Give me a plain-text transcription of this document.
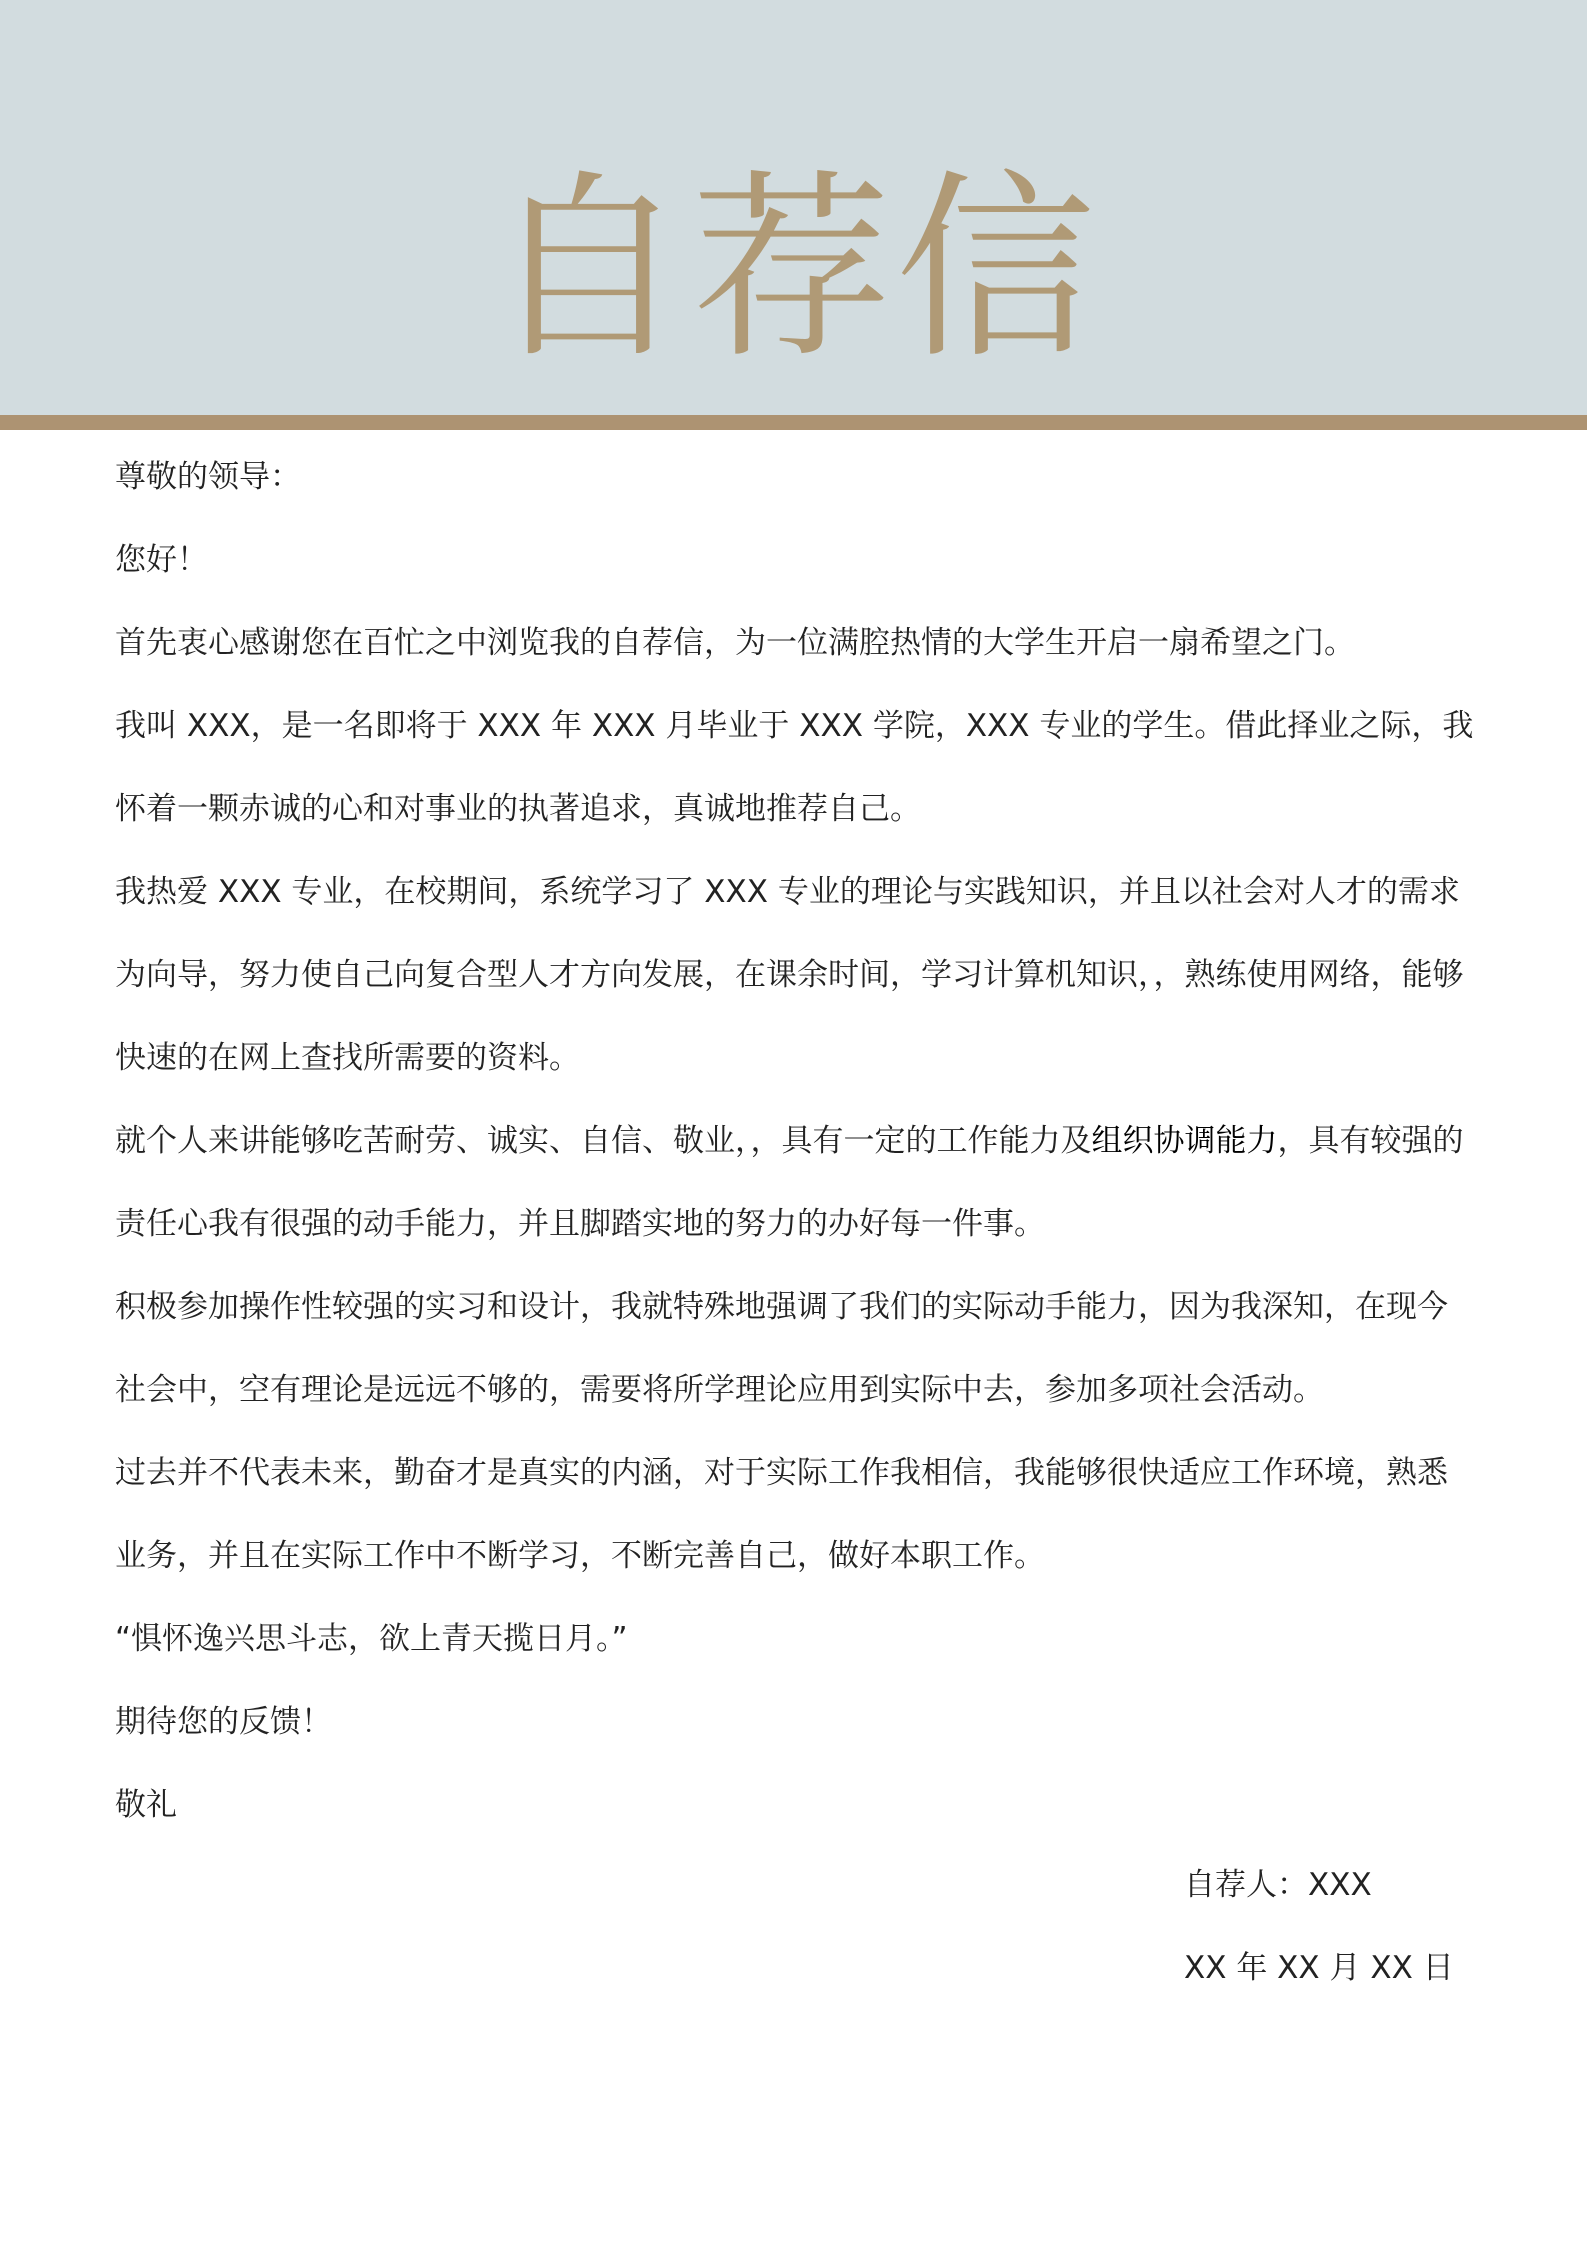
自荐信

尊敬的领导：

您好！

首先衷心感谢您在百忙之中浏览我的自荐信，为一位满腔热情的大学生开启一扇希望之门。

我叫 XXX，是一名即将于 XXX 年 XXX 月毕业于 XXX 学院，XXX 专业的学生。借此择业之际，我怀着一颗赤诚的心和对事业的执著追求，真诚地推荐自己。

我热爱 XXX 专业，在校期间，系统学习了 XXX 专业的理论与实践知识，并且以社会对人才的需求为向导，努力使自己向复合型人才方向发展，在课余时间，学习计算机知识，，熟练使用网络，能够快速的在网上查找所需要的资料。

就个人来讲能够吃苦耐劳、诚实、自信、敬业，，具有一定的工作能力及组织协调能力，具有较强的责任心我有很强的动手能力，并且脚踏实地的努力的办好每一件事。

积极参加操作性较强的实习和设计，我就特殊地强调了我们的实际动手能力，因为我深知，在现今社会中，空有理论是远远不够的，需要将所学理论应用到实际中去，参加多项社会活动。

过去并不代表未来，勤奋才是真实的内涵，对于实际工作我相信，我能够很快适应工作环境，熟悉业务，并且在实际工作中不断学习，不断完善自己，做好本职工作。

“惧怀逸兴思斗志，欲上青天揽日月。”

期待您的反馈！

敬礼

自荐人：XXX

XX 年 XX 月 XX 日
